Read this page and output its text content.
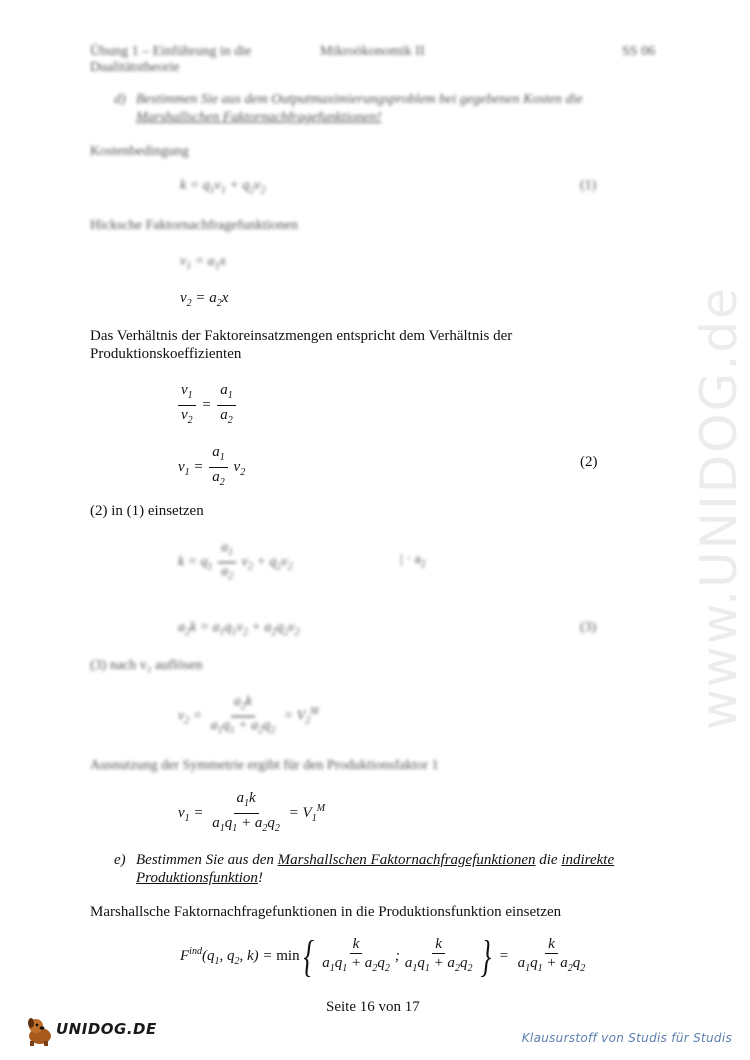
Übung 1 – Einführung in die
Dualitätstheorie
Mikroökonomik II	SS 06
d) Bestimmen Sie aus dem Outputmaximierungsproblem bei gegebenen Kosten die
Marshallschen Faktornachfragefunktionen!
Kostenbedingung
$k = q_1v_1 + q_2v_2$	(1)
Hicksche Faktornachfragefunktionen
$v_1 = a_1x$
$v_2 = a_2x$
Das Verhältnis der Faktoreinsatzmengen entspricht dem Verhältnis der
Produktionskoeffizienten
$\frac{v_1}{v_2} = \frac{a_1}{a_2}$
$v_1 = \frac{a_1}{a_2} v_2$
(2)
(2) in (1) einsetzen
$k = q_1 \frac{a_1}{a_2} v_2 + q_2v_2$	| · $a_2$
$a_2k = a_1q_1v_2 + a_2q_2v_2$	(3)
(3) nach v₂ auflösen
$v_2 = \frac{a_2k}{a_1q_1 + a_2q_2} = V_2^M$
Ausnutzung der Symmetrie ergibt für den Produktionsfaktor 1
$v_1 = \frac{a_1k}{a_1q_1 + a_2q_2} = V_1^M$
e) Bestimmen Sie aus den Marshallschen Faktornachfragefunktionen die indirekte
Produktionsfunktion!
Marshallsche Faktornachfragefunktionen in die Produktionsfunktion einsetzen
$F^{ind}(q_1$, $q_2$, $k) = \min\{ \frac{k}{a_1q_1 + a_2q_2}$ ; $\frac{k}{a_1q_1 + a_2q_2}$ } = $\frac{k}{a_1q_1 + a_2q_2}$
Seite 16 von 17
www.UNIDOG.de
UNIDOG.DE	Klausurstoff von Studis für Studis
